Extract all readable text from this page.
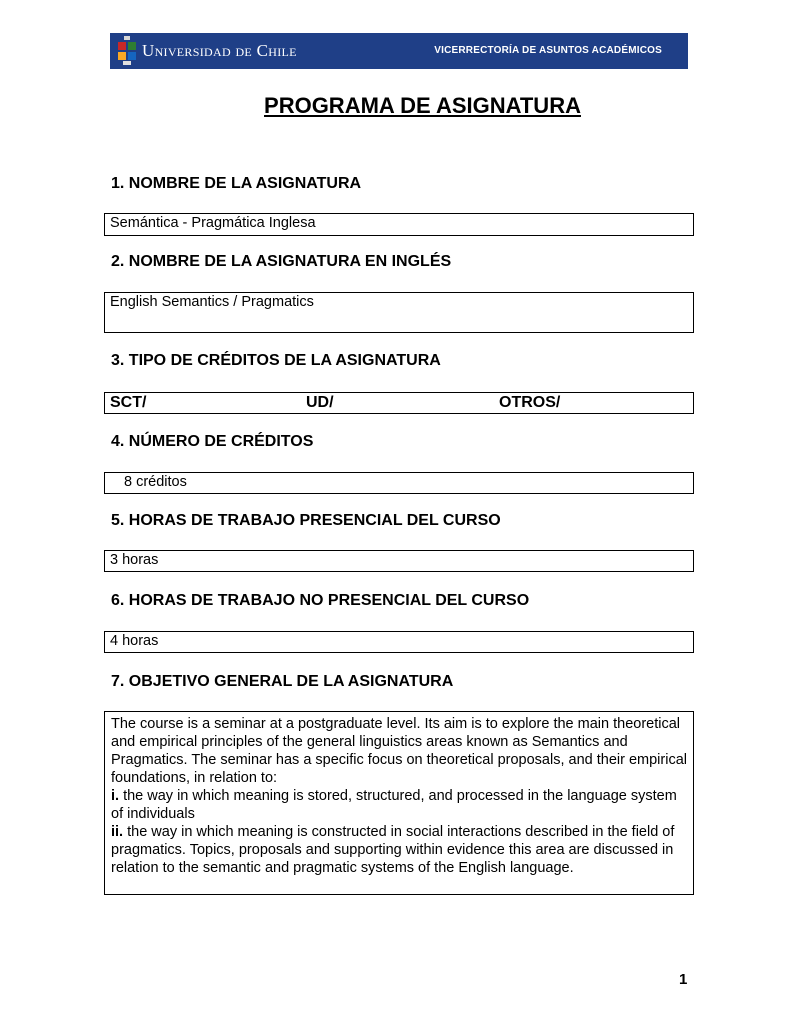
Universidad de Chile	VICERRECTORÍA DE ASUNTOS ACADÉMICOS
PROGRAMA DE ASIGNATURA
1. NOMBRE DE LA ASIGNATURA
Semántica - Pragmática Inglesa
2. NOMBRE DE LA ASIGNATURA EN INGLÉS
English Semantics / Pragmatics
3. TIPO DE CRÉDITOS DE LA ASIGNATURA
SCT/	UD/	OTROS/
4. NÚMERO DE CRÉDITOS
8 créditos
5. HORAS DE TRABAJO PRESENCIAL DEL CURSO
3 horas
6. HORAS DE TRABAJO NO PRESENCIAL DEL CURSO
4 horas
7. OBJETIVO GENERAL DE LA ASIGNATURA
The course is a seminar at a postgraduate level. Its aim is to explore the main theoretical and empirical principles of the general linguistics areas known as Semantics and Pragmatics. The seminar has a specific focus on theoretical proposals, and their empirical foundations, in relation to:
i. the way in which meaning is stored, structured, and processed in the language system of individuals
ii. the way in which meaning is constructed in social interactions described in the field of pragmatics. Topics, proposals and supporting within evidence this area are discussed in relation to the semantic and pragmatic systems of the English language.
1
